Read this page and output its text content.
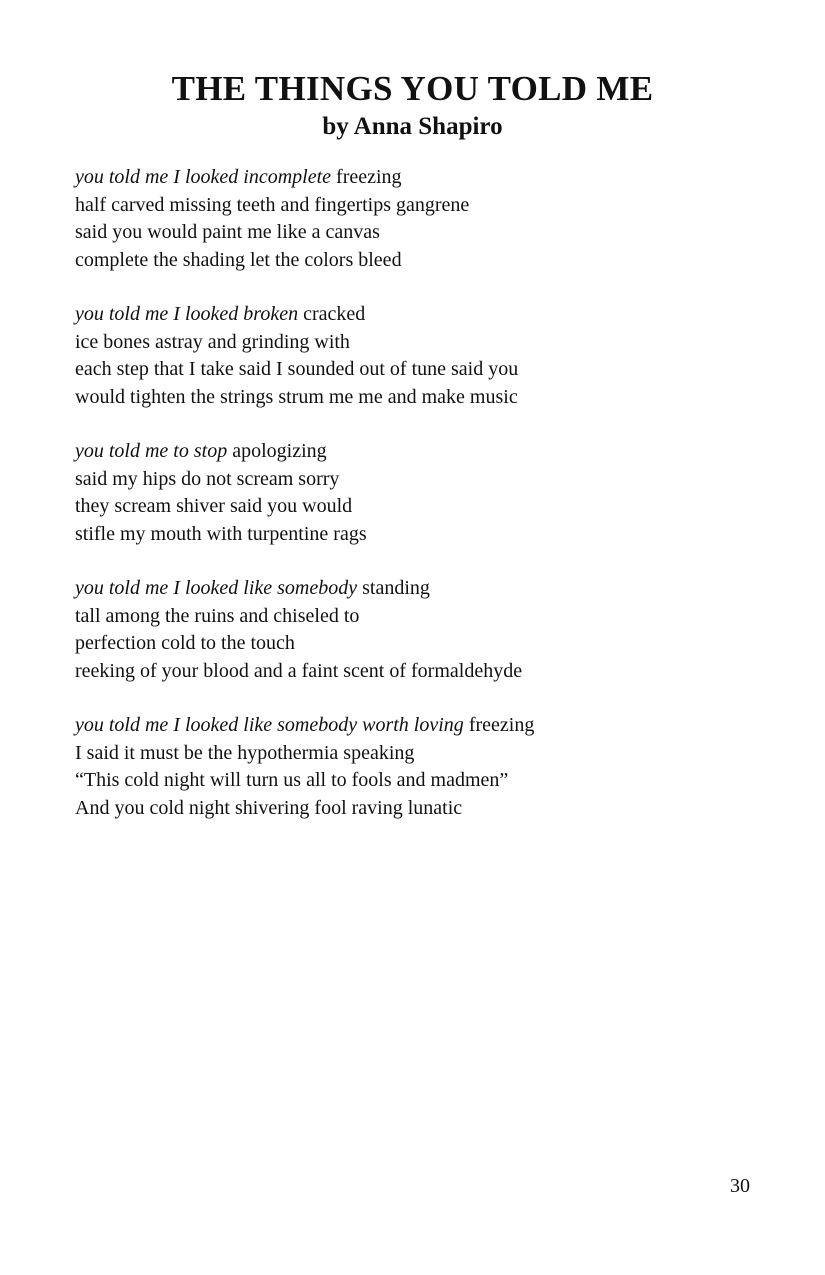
THE THINGS YOU TOLD ME
by Anna Shapiro
you told me I looked incomplete freezing
half carved missing teeth and fingertips gangrene
said you would paint me like a canvas
complete the shading let the colors bleed
you told me I looked broken cracked
ice bones astray and grinding with
each step that I take said I sounded out of tune said you
would tighten the strings strum me me and make music
you told me to stop apologizing
said my hips do not scream sorry
they scream shiver said you would
stifle my mouth with turpentine rags
you told me I looked like somebody standing
tall among the ruins and chiseled to
perfection cold to the touch
reeking of your blood and a faint scent of formaldehyde
you told me I looked like somebody worth loving freezing
I said it must be the hypothermia speaking
“This cold night will turn us all to fools and madmen”
And you cold night shivering fool raving lunatic
30
